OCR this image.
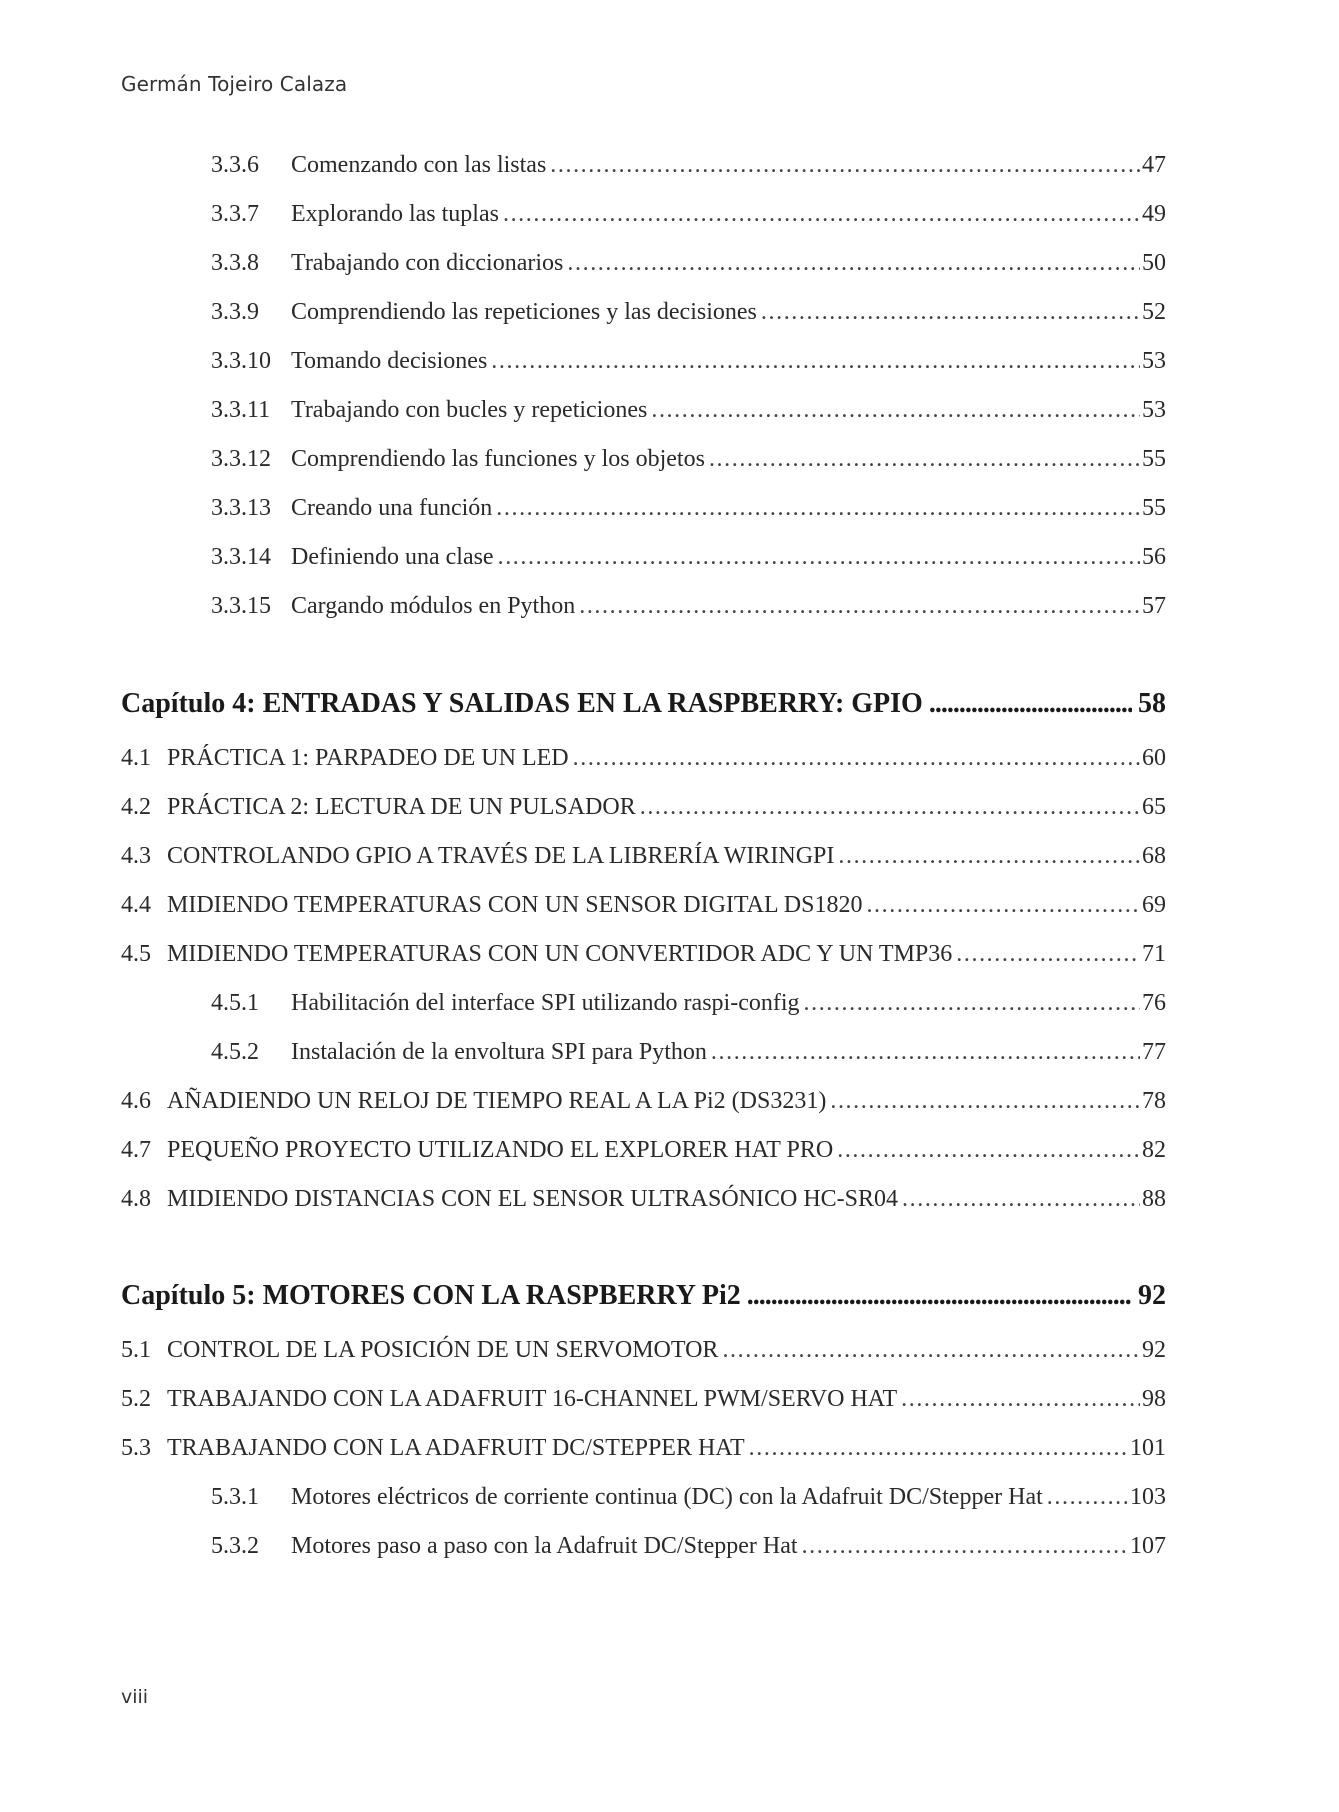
Germán Tojeiro Calaza
3.3.6	Comenzando con las listas . . .	47
3.3.7	Explorando las tuplas . . .	49
3.3.8	Trabajando con diccionarios . . .	50
3.3.9	Comprendiendo las repeticiones y las decisiones . . .	52
3.3.10 Tomando decisiones . . .	53
3.3.11 Trabajando con bucles y repeticiones . . .	53
3.3.12 Comprendiendo las funciones y los objetos . . .	55
3.3.13 Creando una función . . .	55
3.3.14 Definiendo una clase . . .	56
3.3.15 Cargando módulos en Python . . .	57
Capítulo 4: ENTRADAS Y SALIDAS EN LA RASPBERRY: GPIO .....	58
4.1 PRÁCTICA 1: PARPADEO DE UN LED . . .	60
4.2 PRÁCTICA 2: LECTURA DE UN PULSADOR . . .	65
4.3 CONTROLANDO GPIO A TRAVÉS DE LA LIBRERÍA WIRINGPI . . .	68
4.4 MIDIENDO TEMPERATURAS CON UN SENSOR DIGITAL DS1820 . . .	69
4.5 MIDIENDO TEMPERATURAS CON UN CONVERTIDOR ADC Y UN TMP36 . . .	71
4.5.1	Habilitación del interface SPI utilizando raspi-config . . .	76
4.5.2	Instalación de la envoltura SPI para Python . . .	77
4.6 AÑADIENDO UN RELOJ DE TIEMPO REAL A LA Pi2 (DS3231) . . .	78
4.7 PEQUEÑO PROYECTO UTILIZANDO EL EXPLORER HAT PRO . . .	82
4.8 MIDIENDO DISTANCIAS CON EL SENSOR ULTRASÓNICO HC-SR04 . . .	88
Capítulo 5: MOTORES CON LA RASPBERRY Pi2 .....	92
5.1 CONTROL DE LA POSICIÓN DE UN SERVOMOTOR . . .	92
5.2 TRABAJANDO CON LA ADAFRUIT 16-CHANNEL PWM/SERVO HAT . . .	98
5.3 TRABAJANDO CON LA ADAFRUIT DC/STEPPER HAT . . .	101
5.3.1	Motores eléctricos de corriente continua (DC) con la Adafruit DC/Stepper Hat . . .	103
5.3.2	Motores paso a paso con la Adafruit DC/Stepper Hat . . .	107
viii
